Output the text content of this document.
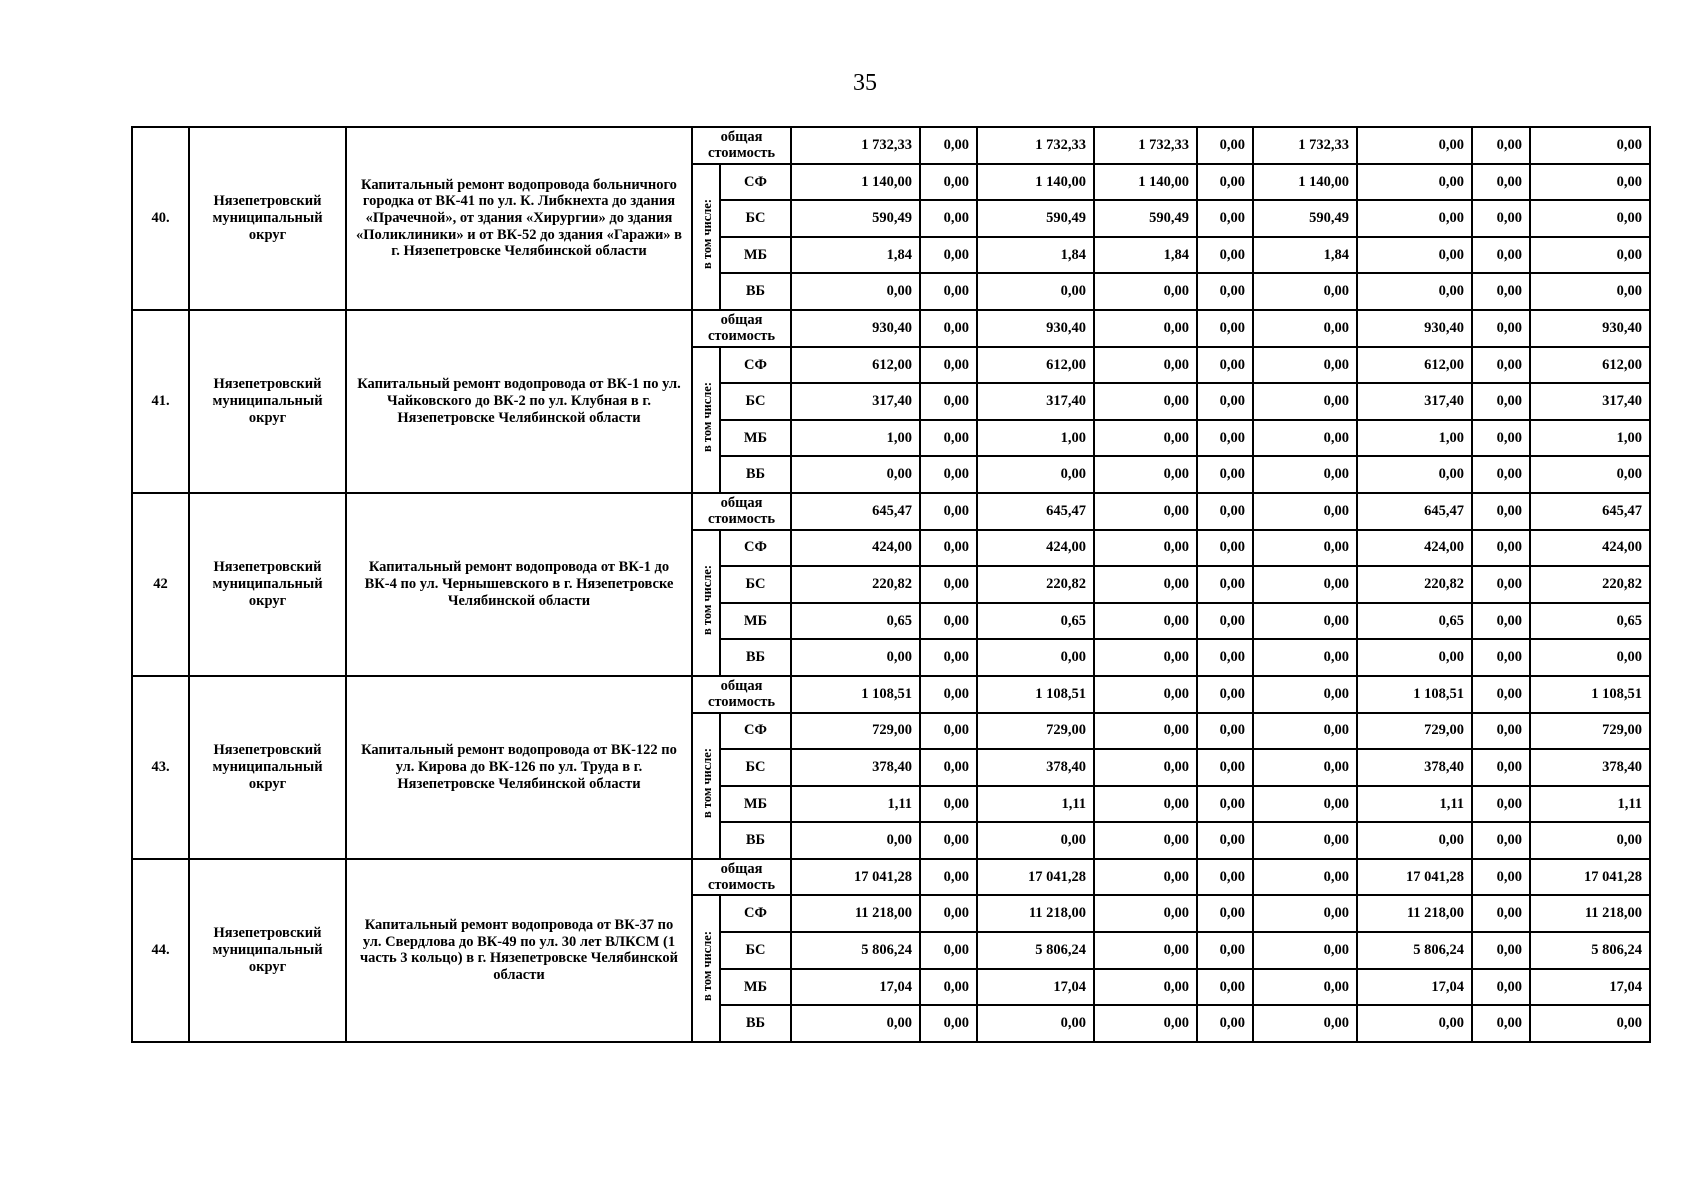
35
40.	Нязепетровский муниципальный округ	Капитальный ремонт водопровода больничного городка от ВК-41 по ул. К. Либкнехта до здания «Прачечной», от здания «Хирургии» до здания «Поликлиники» и от ВК-52 до здания «Гаражи» в г. Нязепетровске Челябинской области	общая стоимость		1 732,33	0,00	1 732,33	1 732,33	0,00	1 732,33	0,00	0,00	0,00
			в том числе:	СФ	1 140,00	0,00	1 140,00	1 140,00	0,00	1 140,00	0,00	0,00	0,00
				БС	590,49	0,00	590,49	590,49	0,00	590,49	0,00	0,00	0,00
				МБ	1,84	0,00	1,84	1,84	0,00	1,84	0,00	0,00	0,00
				ВБ	0,00	0,00	0,00	0,00	0,00	0,00	0,00	0,00	0,00
41.	Нязепетровский муниципальный округ	Капитальный ремонт водопровода от ВК-1 по ул. Чайковского до ВК-2 по ул. Клубная в г. Нязепетровске Челябинской области	общая стоимость		930,40	0,00	930,40	0,00	0,00	0,00	930,40	0,00	930,40
			в том числе:	СФ	612,00	0,00	612,00	0,00	0,00	0,00	612,00	0,00	612,00
				БС	317,40	0,00	317,40	0,00	0,00	0,00	317,40	0,00	317,40
				МБ	1,00	0,00	1,00	0,00	0,00	0,00	1,00	0,00	1,00
				ВБ	0,00	0,00	0,00	0,00	0,00	0,00	0,00	0,00	0,00
42	Нязепетровский муниципальный округ	Капитальный ремонт водопровода от ВК-1 до ВК-4 по ул. Чернышевского в г. Нязепетровске Челябинской области	общая стоимость		645,47	0,00	645,47	0,00	0,00	0,00	645,47	0,00	645,47
			в том числе:	СФ	424,00	0,00	424,00	0,00	0,00	0,00	424,00	0,00	424,00
				БС	220,82	0,00	220,82	0,00	0,00	0,00	220,82	0,00	220,82
				МБ	0,65	0,00	0,65	0,00	0,00	0,00	0,65	0,00	0,65
				ВБ	0,00	0,00	0,00	0,00	0,00	0,00	0,00	0,00	0,00
43.	Нязепетровский муниципальный округ	Капитальный ремонт водопровода от ВК-122 по ул. Кирова до ВК-126 по ул. Труда в г. Нязепетровске Челябинской области	общая стоимость		1 108,51	0,00	1 108,51	0,00	0,00	0,00	1 108,51	0,00	1 108,51
			в том числе:	СФ	729,00	0,00	729,00	0,00	0,00	0,00	729,00	0,00	729,00
				БС	378,40	0,00	378,40	0,00	0,00	0,00	378,40	0,00	378,40
				МБ	1,11	0,00	1,11	0,00	0,00	0,00	1,11	0,00	1,11
				ВБ	0,00	0,00	0,00	0,00	0,00	0,00	0,00	0,00	0,00
44.	Нязепетровский муниципальный округ	Капитальный ремонт водопровода от ВК-37 по ул. Свердлова до ВК-49 по ул. 30 лет ВЛКСМ (1 часть 3 кольцо) в г. Нязепетровске Челябинской области	общая стоимость		17 041,28	0,00	17 041,28	0,00	0,00	0,00	17 041,28	0,00	17 041,28
			в том числе:	СФ	11 218,00	0,00	11 218,00	0,00	0,00	0,00	11 218,00	0,00	11 218,00
				БС	5 806,24	0,00	5 806,24	0,00	0,00	0,00	5 806,24	0,00	5 806,24
				МБ	17,04	0,00	17,04	0,00	0,00	0,00	17,04	0,00	17,04
				ВБ	0,00	0,00	0,00	0,00	0,00	0,00	0,00	0,00	0,00
